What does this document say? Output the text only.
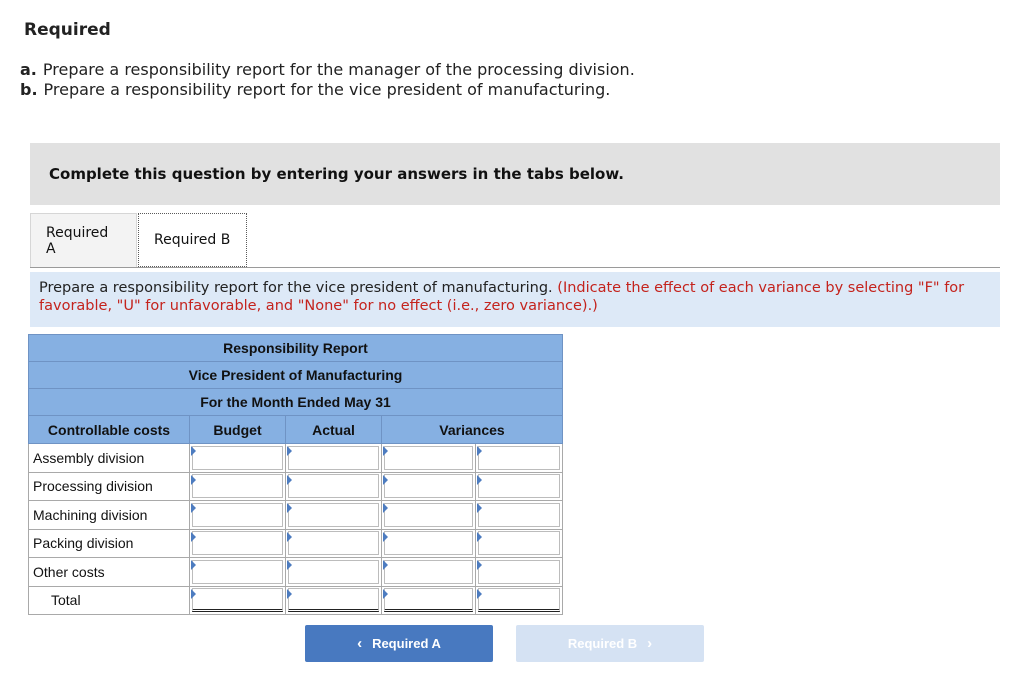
Required
a. Prepare a responsibility report for the manager of the processing division.
b. Prepare a responsibility report for the vice president of manufacturing.
Complete this question by entering your answers in the tabs below.
Required A
Required B
Prepare a responsibility report for the vice president of manufacturing. (Indicate the effect of each variance by selecting "F" for favorable, "U" for unfavorable, and "None" for no effect (i.e., zero variance).)
Responsibility Report				
Vice President of Manufacturing				
For the Month Ended May 31				
Controllable costs	Budget	Actual	Variances	
Assembly division	

Processing division	

Machining division	

Packing division	

Other costs	

Total	

‹ Required A	Required B ›
